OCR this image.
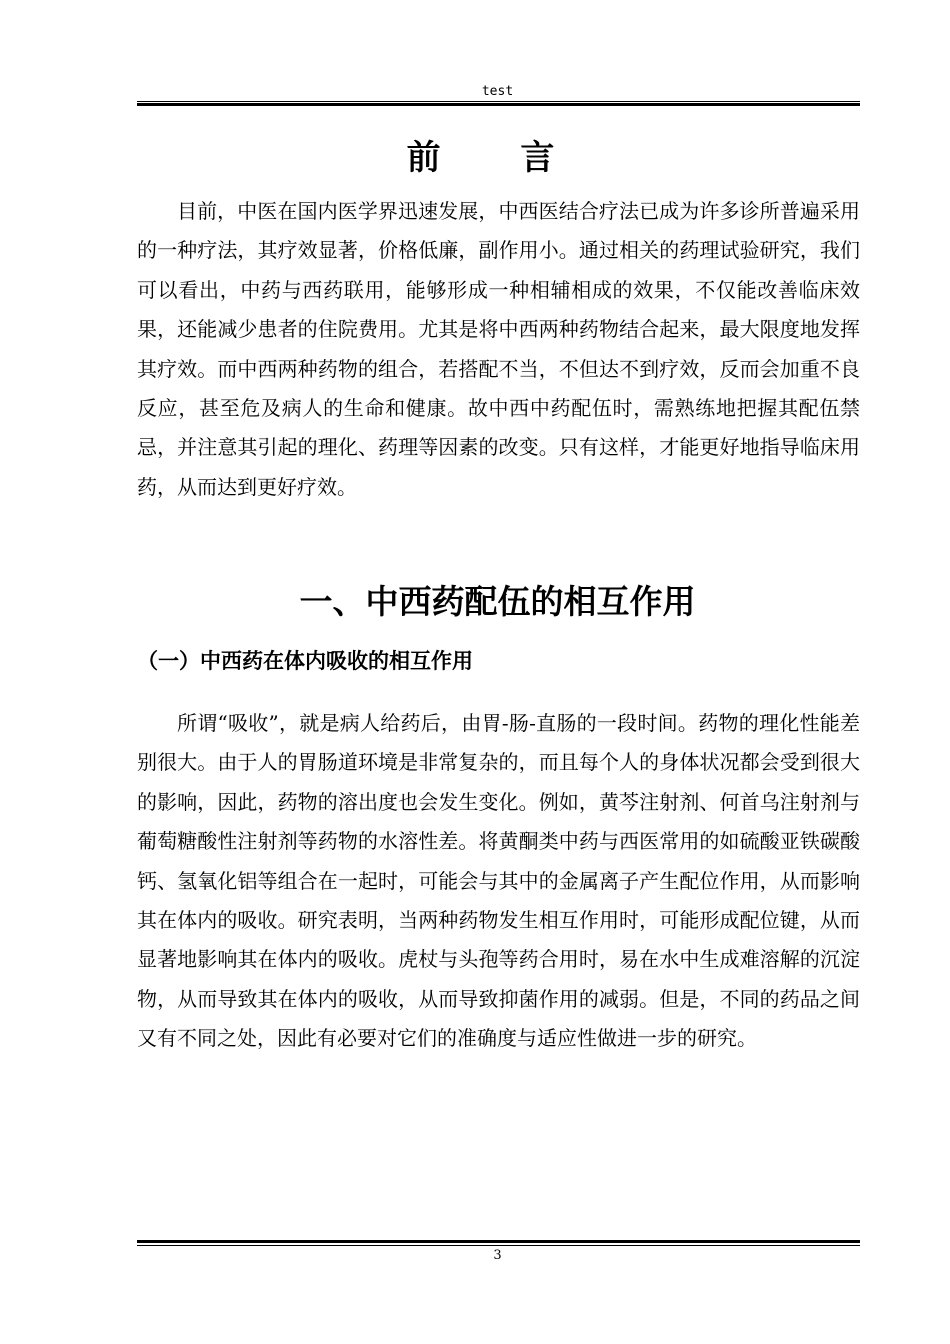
test
前 言

目前，中医在国内医学界迅速发展，中西医结合疗法已成为许多诊所普遍采用的一种疗法，其疗效显著，价格低廉，副作用小。通过相关的药理试验研究，我们可以看出，中药与西药联用，能够形成一种相辅相成的效果，不仅能改善临床效果，还能减少患者的住院费用。尤其是将中西两种药物结合起来，最大限度地发挥其疗效。而中西两种药物的组合，若搭配不当，不但达不到疗效，反而会加重不良反应，甚至危及病人的生命和健康。故中西中药配伍时，需熟练地把握其配伍禁忌，并注意其引起的理化、药理等因素的改变。只有这样，才能更好地指导临床用药，从而达到更好疗效。

一、中西药配伍的相互作用
（一）中西药在体内吸收的相互作用

所谓“吸收”，就是病人给药后，由胃-肠-直肠的一段时间。药物的理化性能差别很大。由于人的胃肠道环境是非常复杂的，而且每个人的身体状况都会受到很大的影响，因此，药物的溶出度也会发生变化。例如，黄芩注射剂、何首乌注射剂与葡萄糖酸性注射剂等药物的水溶性差。将黄酮类中药与西医常用的如硫酸亚铁碳酸钙、氢氧化铝等组合在一起时，可能会与其中的金属离子产生配位作用，从而影响其在体内的吸收。研究表明，当两种药物发生相互作用时，可能形成配位键，从而显著地影响其在体内的吸收。虎杖与头孢等药合用时，易在水中生成难溶解的沉淀物，从而导致其在体内的吸收，从而导致抑菌作用的减弱。但是，不同的药品之间又有不同之处，因此有必要对它们的准确度与适应性做进一步的研究。

3
